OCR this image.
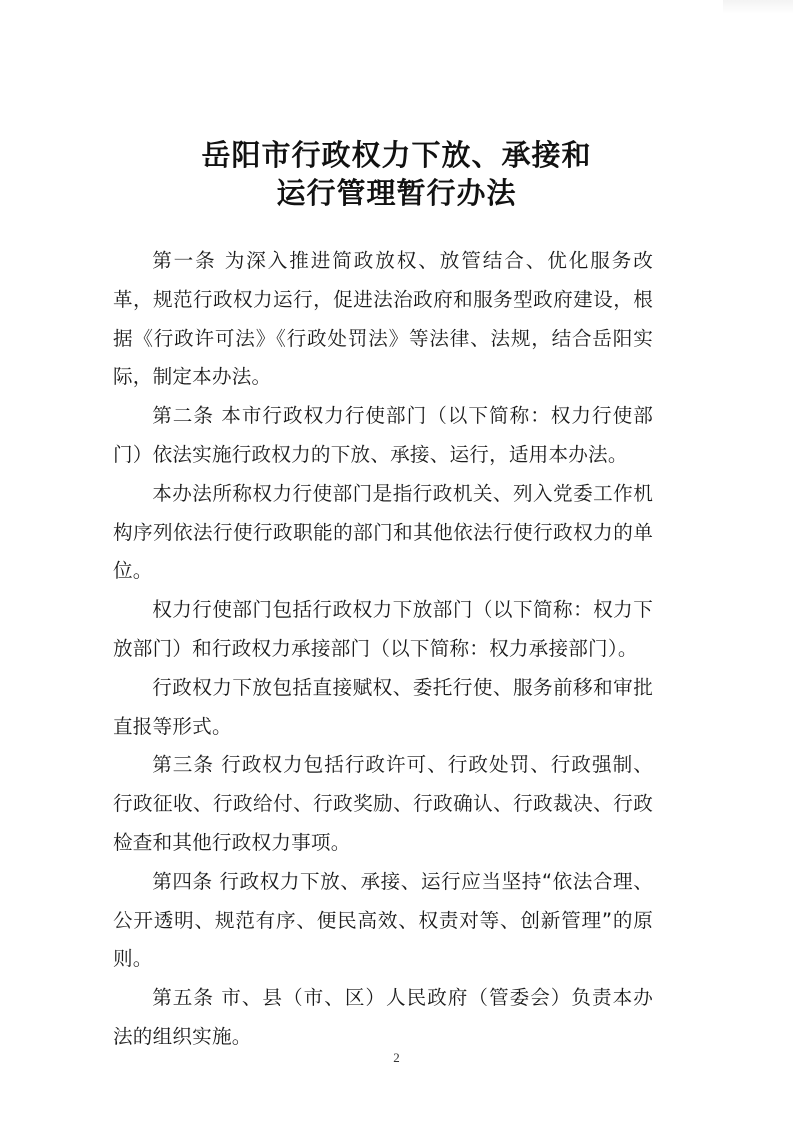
岳阳市行政权力下放、承接和
运行管理暂行办法

第一条 为深入推进简政放权、放管结合、优化服务改革，规范行政权力运行，促进法治政府和服务型政府建设，根据《行政许可法》《行政处罚法》等法律、法规，结合岳阳实际，制定本办法。

第二条 本市行政权力行使部门（以下简称：权力行使部门）依法实施行政权力的下放、承接、运行，适用本办法。

本办法所称权力行使部门是指行政机关、列入党委工作机构序列依法行使行政职能的部门和其他依法行使行政权力的单位。

权力行使部门包括行政权力下放部门（以下简称：权力下放部门）和行政权力承接部门（以下简称：权力承接部门）。

行政权力下放包括直接赋权、委托行使、服务前移和审批直报等形式。

第三条 行政权力包括行政许可、行政处罚、行政强制、行政征收、行政给付、行政奖励、行政确认、行政裁决、行政检查和其他行政权力事项。

第四条 行政权力下放、承接、运行应当坚持“依法合理、公开透明、规范有序、便民高效、权责对等、创新管理”的原则。

第五条 市、县（市、区）人民政府（管委会）负责本办法的组织实施。

2
